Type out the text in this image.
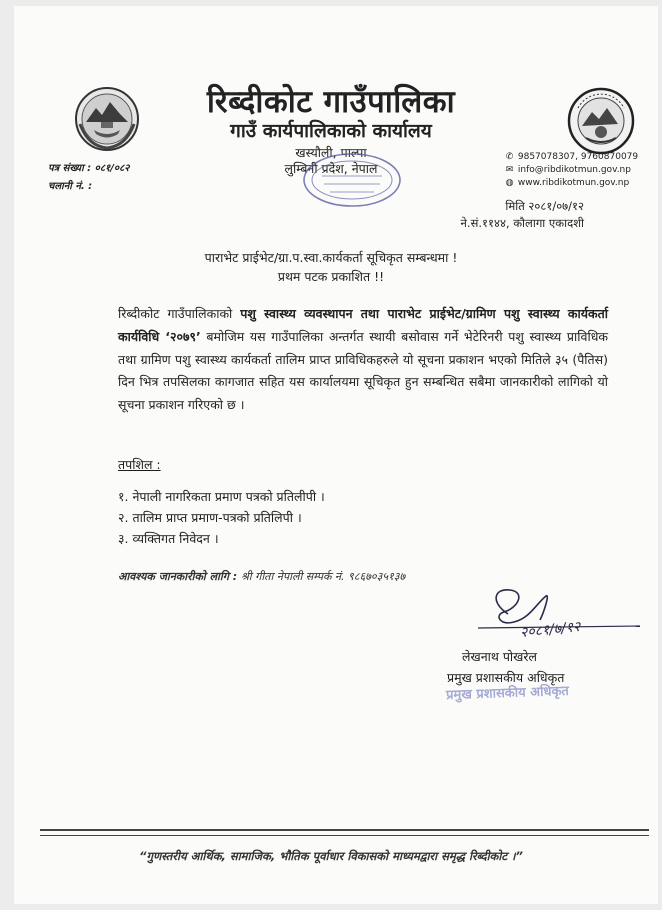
रिब्दीकोट गाउँपालिका
गाउँ कार्यपालिकाको कार्यालय
खस्यौली, पाल्पा
लुम्बिनी प्रदेश, नेपाल
पत्र संख्या : ०८१/०८२
चलानी नं. :
✆ 9857078307, 9760870079
✉ info@ribdikotmun.gov.np
◍ www.ribdikotmun.gov.np
मिति २०८१/०७/१२
ने.सं.११४४, कौलागा एकादशी
पाराभेट प्राईभेट/ग्रा.प.स्वा.कार्यकर्ता सूचिकृत सम्बन्धमा !
प्रथम पटक प्रकाशित !!
रिब्दीकोट गाउँपालिकाको पशु स्वास्थ्य व्यवस्थापन तथा पाराभेट प्राईभेट/ग्रामिण पशु स्वास्थ्य कार्यकर्ता कार्यविधि ‘२०७९’ बमोजिम यस गाउँपालिका अन्तर्गत स्थायी बसोवास गर्ने भेटेरिनरी पशु स्वास्थ्य प्राविधिक तथा ग्रामिण पशु स्वास्थ्य कार्यकर्ता तालिम प्राप्त प्राविधिकहरुले यो सूचना प्रकाशन भएको मितिले ३५ (पैतिस) दिन भित्र तपसिलका कागजात सहित यस कार्यालयमा सूचिकृत हुन सम्बन्धित सबैमा जानकारीको लागिको यो सूचना प्रकाशन गरिएको छ ।
तपशिल :
१. नेपाली नागरिकता प्रमाण पत्रको प्रतिलीपी ।
२. तालिम प्राप्त प्रमाण-पत्रको प्रतिलिपी ।
३. व्यक्तिगत निवेदन ।
आवश्यक जानकारीको लागि : श्री गीता नेपाली सम्पर्क नं. ९८६७०३५१३७
२०८१/७/१२
लेखनाथ पोखरेल
प्रमुख प्रशासकीय अधिकृत
प्रमुख प्रशासकीय अधिकृत
“गुणस्तरीय आर्थिक, सामाजिक, भौतिक पूर्वाधार विकासको माध्यमद्वारा समृद्ध रिब्दीकोट ।”
